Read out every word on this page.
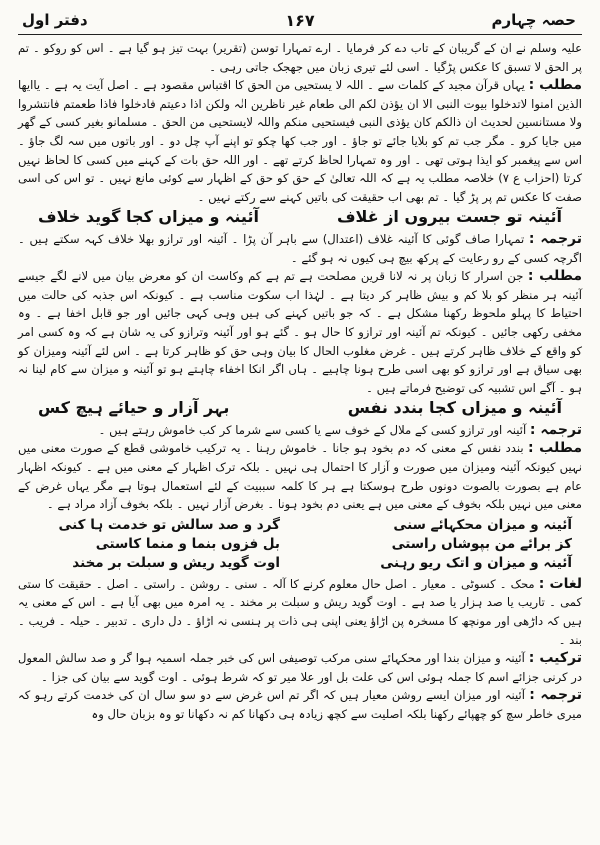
دفتر اول	۱۶۷	حصہ چہارم

علیہ وسلم نے ان کے گریبان کے تاب دے کر فرمایا ۔ ارے تمہارا توسن (تقریر) بہت تیز ہو گیا ہے ۔ اس کو روکو ۔ تم پر الحق لا تسبق کا عکس پڑگیا ۔ اسی لئے تیری زبان میں جھجک جاتی رہی ۔

مطلب : یہاں قرآن مجید کے کلمات سے ۔ اللہ لا یستحیی من الحق کا اقتباس مقصود ہے ۔ اصل آیت یہ ہے ۔ یاایھا الذین امنوا لاتدخلوا بیوت النبی الا ان یؤذن لکم الی طعام غیر ناظرین انٰہ ولکن اذا دعیتم فادخلوا فاذا طعمتم فانتشروا ولا مستانسین لحدیث ان ذالکم کان یؤذی النبی فیستحیی منکم واللہ لایستحیی من الحق ۔ مسلمانو بغیر کسی کے گھر میں جایا کرو ۔ مگر جب تم کو بلایا جائے تو جاؤ ۔ اور جب کھا چکو تو اپنے آپ چل دو ۔ اور باتوں میں سہ لگ جاؤ ۔ اس سے پیغمبر کو ایذا ہوتی تھی ۔ اور وہ تمہارا لحاظ کرتے تھے ۔ اور اللہ حق بات کے کہنے میں کسی کا لحاظ نہیں کرتا (احزاب ع ۷) خلاصہ مطلب یہ ہے کہ اللہ تعالیٰ کے حق کو حق کے اظہار سے کوئی مانع نہیں ۔ تو اس کی اسی صفت کا عکس تم پر پڑ گیا ۔ تم بھی اب حقیقت کی باتیں کہنے سے رکتے نہیں ۔

آئینہ تو جست بیروں از غلاف
آئینہ و میزاں کجا گوید خلاف

ترجمہ : تمہارا صاف گوئی کا آئینہ غلاف (اعتدال) سے باہر آن پڑا ۔ آئینہ اور ترازو بھلا خلاف کہہ سکتے ہیں ۔ اگرچہ کسی کے رو رعایت کے پرکھ بیچ ہی کیوں نہ ہو گئے ۔

مطلب : جن اسرار کا زبان پر نہ لانا قرین مصلحت ہے تم ہے کم وکاست ان کو معرض بیان میں لانے لگے جیسے آئینہ ہر منظر کو بلا کم و بیش ظاہر کر دیتا ہے ۔ لہٰذا اب سکوت مناسب ہے ۔ کیونکہ اس جذبہ کی حالت میں احتیاط کا پہلو ملحوظ رکھنا مشکل ہے ۔ کہ جو باتیں کہنے کی ہیں وہی کہی جائیں اور جو قابل اخفا ہے ۔ وہ مخفی رکھی جائیں ۔ کیونکہ تم آئینہ اور ترازو کا حال ہو ۔ گئے ہو اور آئینہ وترازو کی یہ شان ہے کہ وہ کسی امر کو واقع کے خلاف ظاہر کرتے ہیں ۔ غرض مغلوب الحال کا بیان وہی حق کو ظاہر کرتا ہے ۔ اس لئے آئینہ ومیزان کو بھی سیاق ہے اور ترازو کو بھی اسی طرح ہونا چاہیے ۔ ہاں اگر انکا اخفاء چاہتے ہو تو آئینہ و میزان سے کام لینا نہ ہو ۔ آگے اس تشبیہ کی توضیح فرماتے ہیں ۔

آئینہ و میزاں کجا بندد نفس
بہر آزار و حیائے ہیچ کس

ترجمہ : آئینہ اور ترازو کسی کے ملال کے خوف سے یا کسی سے شرما کر کب خاموش رہتے ہیں ۔

مطلب : بندد نفس کے معنی کہ دم بخود ہو جانا ۔ خاموش رہنا ۔ یہ ترکیب خاموشی قطع کے صورت معنی میں نہیں کیونکہ آئینہ ومیزان میں صورت و آزار کا احتمال ہی نہیں ۔ بلکہ ترک اظہار کے معنی میں ہے ۔ کیونکہ اظہار عام ہے بصورت بالصوت دونوں طرح ہوسکتا ہے ہر کا کلمہ سببیت کے لئے استعمال ہوتا ہے مگر یہاں غرض کے معنی میں نہیں بلکہ بخوف کے معنی میں ہے یعنی دم بخود ہونا ۔ بغرض آزار نہیں ۔ بلکہ بخوف آزاد مراد ہے ۔

آئینہ و میزان محکہائے سنی
گرد و صد سالش تو خدمت ہا کنی
کز برائے من بپوشاں راستی
بل فزوں بنما و منما کاستی
آئینہ و میزان و اتک ریو رہنی
اوت گوید ریش و سبلت بر مخند

لغات : محک ۔ کسوٹی ۔ معیار ۔ اصل حال معلوم کرنے کا آلہ ۔ سنی ۔ روشن ۔ راستی ۔ اصل ۔ حقیقت کا ستی کمی ۔ تاریب یا صد ہزار یا صد ہے ۔ اوت گوید ریش و سبلت بر مخند ۔ یہ امرہ میں بھی آیا ہے ۔ اس کے معنی یہ ہیں کہ داڑھی اور مونچھ کا مسخرہ پن اڑاؤ یعنی اپنی ہی ذات پر ہنسی نہ اڑاؤ ۔ دل داری ۔ تدبیر ۔ حیلہ ۔ فریب ۔ بند ۔

ترکیب : آئینہ و میزان بندا اور محکہائے سنی مرکب توصیفی اس کی خبر جملہ اسمیہ ہوا گر و صد سالش المعول در کرنی جزائے اسم کا جملہ ہوئی اس کی علت بل اور علا میر تو کہ شرط ہوئی ۔ اوت گوید سے بیان کی جزا ۔

ترجمہ : آئینہ اور میزان ایسے روشن معیار ہیں کہ اگر تم اس غرض سے دو سو سال ان کی خدمت کرتے رہو کہ میری خاطر سچ کو چھپائے رکھنا بلکہ اصلیت سے کچھ زیادہ ہی دکھانا کم نہ دکھانا تو وہ بزبان حال وہ
